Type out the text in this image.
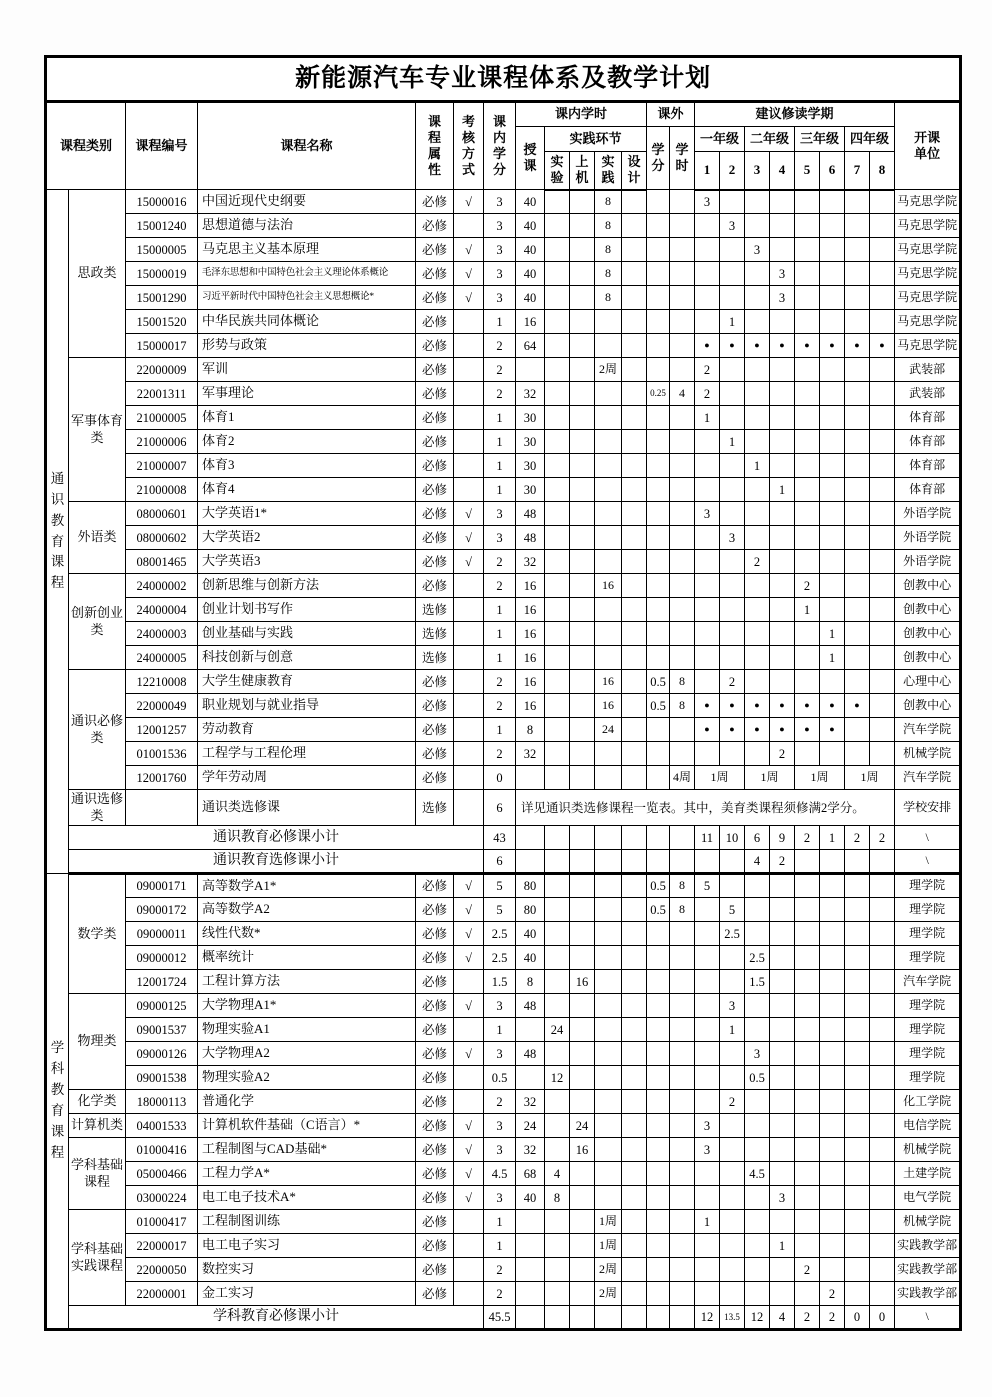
新能源汽车专业课程体系及教学计划																						
课程类别		课程编号	课程名称	课程属性	考核方式	课内学分	课内学时					课外		建议修读学期								开课单位

							授课	实践环节				学分	学时	一年级		二年级		三年级		四年级		

								实验	上机	实践	设计			1	2	3	4	5	6	7	8	
通识教育课程	思政类	15000016	中国近现代史纲要	必修	√	3	40			8				3								马克思学院
		15001240	思想道德与法治	必修		3	40			8					3							马克思学院
		15000005	马克思主义基本原理	必修	√	3	40			8						3						马克思学院
		15000019	毛泽东思想和中国特色社会主义理论体系概论	必修	√	3	40			8							3					马克思学院
		15001290	习近平新时代中国特色社会主义思想概论*	必修	√	3	40			8							3					马克思学院
		15001520	中华民族共同体概论	必修		1	16								1							马克思学院
		15000017	形势与政策	必修		2	64							●	●	●	●	●	●	●	●	马克思学院
	军事体育类	22000009	军训	必修		2				2周				2								武装部
		22001311	军事理论	必修		2	32					0.25	4	2								武装部
		21000005	体育1	必修		1	30							1								体育部
		21000006	体育2	必修		1	30								1							体育部
		21000007	体育3	必修		1	30									1						体育部
		21000008	体育4	必修		1	30										1					体育部
	外语类	08000601	大学英语1*	必修	√	3	48							3								外语学院
		08000602	大学英语2	必修	√	3	48								3							外语学院
		08001465	大学英语3	必修	√	2	32									2						外语学院
	创新创业类	24000002	创新思维与创新方法	必修		2	16			16								2				创教中心
		24000004	创业计划书写作	选修		1	16											1				创教中心
		24000003	创业基础与实践	选修		1	16												1			创教中心
		24000005	科技创新与创意	选修		1	16												1			创教中心
	通识必修类	12210008	大学生健康教育	必修		2	16			16		0.5	8		2							心理中心
		22000049	职业规划与就业指导	必修		2	16			16		0.5	8	●	●	●	●	●	●	●		创教中心
		12001257	劳动教育	必修		1	8			24				●	●	●	●	●	●			汽车学院
		01001536	工程学与工程伦理	必修		2	32										2					机械学院
		12001760	学年劳动周	必修		0							4周	1周		1周		1周		1周		汽车学院
	通识选修类		通识类选修课	选修		6	详见通识类选修课程一览表。其中，美育类课程须修满2学分。															学校安排
	通识教育必修课小计					43								11	10	6	9	2	1	2	2	\
	通识教育选修课小计					6										4	2					\
学科教育课程	数学类	09000171	高等数学A1*	必修	√	5	80					0.5	8	5								理学院
		09000172	高等数学A2	必修	√	5	80					0.5	8		5							理学院
		09000011	线性代数*	必修	√	2.5	40								2.5							理学院
		09000012	概率统计	必修	√	2.5	40									2.5						理学院
		12001724	工程计算方法	必修		1.5	8		16							1.5						汽车学院
	物理类	09000125	大学物理A1*	必修	√	3	48								3							理学院
		09001537	物理实验A1	必修		1		24							1							理学院
		09000126	大学物理A2	必修	√	3	48									3						理学院
		09001538	物理实验A2	必修		0.5		12								0.5						理学院
	化学类	18000113	普通化学	必修		2	32								2							化工学院
	计算机类	04001533	计算机软件基础（C语言）*	必修	√	3	24		24					3								电信学院
	学科基础课程	01000416	工程制图与CAD基础*	必修	√	3	32		16					3								机械学院
		05000466	工程力学A*	必修	√	4.5	68	4								4.5						土建学院
		03000224	电工电子技术A*	必修	√	3	40	8									3					电气学院
	学科基础实践课程	01000417	工程制图训练	必修		1				1周				1								机械学院
		22000017	电工电子实习	必修		1				1周							1					实践教学部
		22000050	数控实习	必修		2				2周								2				实践教学部
		22000001	金工实习	必修		2				2周									2			实践教学部
	学科教育必修课小计					45.5								12	13.5	12	4	2	2	0	0	\
